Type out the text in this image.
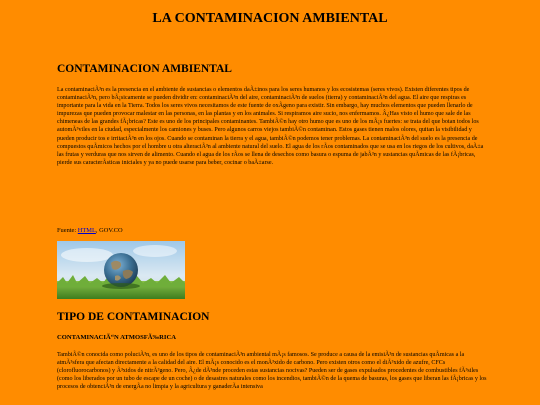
LA CONTAMINACION AMBIENTAL
CONTAMINACION AMBIENTAL

La contaminaciÃ³n es la presencia en el ambiente de sustancias o elementos daÃ±inos para los seres humanos y los ecosistemas (seres vivos). Existen diferentes tipos de contaminaciÃ³n, pero bÃ¡sicamente se pueden dividir en: contaminaciÃ³n del aire, contaminaciÃ³n de suelos (tierra) y contaminaciÃ³n del agua. El aire que respiras es importante para la vida en la Tierra. Todos los seres vivos necesitamos de este fuente de oxÃgeno para existir. Sin embargo, hay muchos elementos que pueden llenarlo de impurezas que pueden provocar malestar en las personas, en las plantas y en los animales. Si respiramos aire sucio, nos enfermamos. Â¿Has visto el humo que sale de las chimeneas de las grandes fÃ¡bricas? Este es uno de los principales contaminantes. TambiÃ©n hay otro humo que es uno de los mÃ¡s fuertes: se trata del que botan todos los automÃ³viles en la ciudad, especialmente los camiones y buses. Pero algunos carros viejos tambiÃ©n contaminan. Estos gases tienen malos olores, quitan la visibilidad y pueden producir tos e irritaciÃ³n en los ojos. Cuando se contaminan la tierra y el agua, tambiÃ©n podemos tener problemas. La contaminaciÃ³n del suelo es la presencia de compuestos quÃmicos hechos por el hombre u otra alteraciÃ³n al ambiente natural del suelo. El agua de los rÃos contaminados que se usa en los riegos de los cultivos, daÃ±a las frutas y verduras que nos sirven de alimento. Cuando el agua de los rÃos se llena de desechos como basura o espuma de jabÃ³n y sustancias quÃmicas de las fÃ¡bricas, pierde sus caracterÃsticas iniciales y ya no puede usarse para beber, cocinar o baÃ±arse.

Fuente: HTML, GOV.CO

TIPO DE CONTAMINACION
CONTAMINACIÃ“N ATMOSFÃ‰RICA

TambiÃ©n conocida como poluciÃ³n, es uno de los tipos de contaminaciÃ³n ambiental mÃ¡s famosos. Se produce a causa de la emisiÃ³n de sustancias quÃmicas a la atmÃ³sfera que afectan directamente a la calidad del aire. El mÃ¡s conocido es el monÃ³xido de carbono. Pero existen otros como el diÃ³xido de azufre, CFCs (clorofluorocarbonos) y Ã³xidos de nitrÃ³geno. Pero, Â¿de dÃ³nde proceden estas sustancias nocivas? Pueden ser de gases expulsados procedentes de combustibles fÃ³siles (como los liberados por un tubo de escape de un coche) o de desastres naturales como los incendios, tambiÃ©n de la quema de basuras, los gases que liberan las fÃ¡bricas y los procesos de obtenciÃ³n de energÃa no limpia y la agricultura y ganaderÃa intensiva
